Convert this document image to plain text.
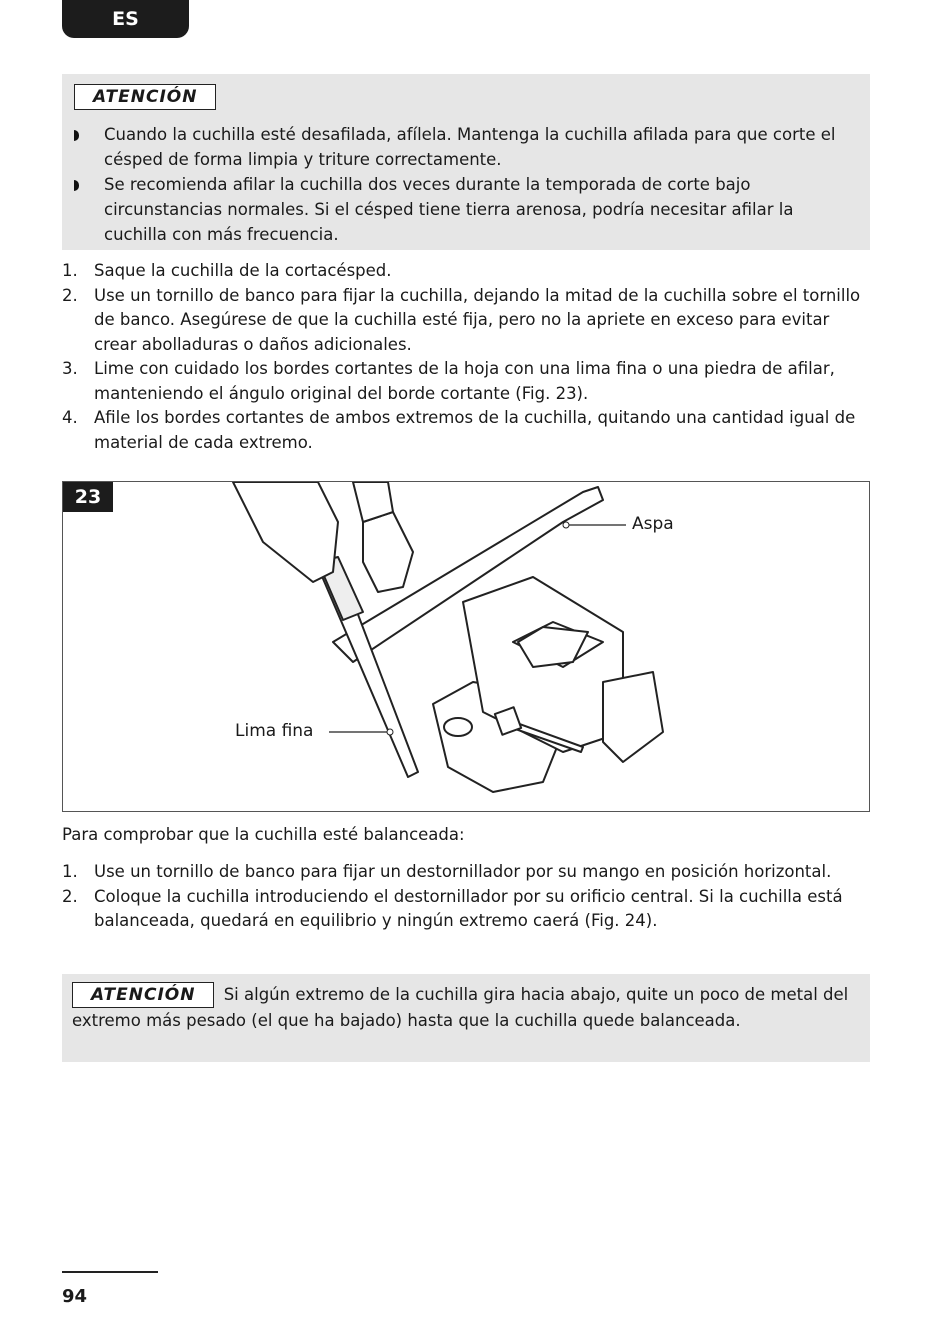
ES
ATENCIÓN
Cuando la cuchilla esté desafilada, afílela. Mantenga la cuchilla afilada para que corte el césped de forma limpia y triture correctamente.
Se recomienda afilar la cuchilla dos veces durante la temporada de corte bajo circunstancias normales. Si el césped tiene tierra arenosa, podría necesitar afilar la cuchilla con más frecuencia.
1. Saque la cuchilla de la cortacésped.
2. Use un tornillo de banco para fijar la cuchilla, dejando la mitad de la cuchilla sobre el tornillo de banco. Asegúrese de que la cuchilla esté fija, pero no la apriete en exceso para evitar crear abolladuras o daños adicionales.
3. Lime con cuidado los bordes cortantes de la hoja con una lima fina o una piedra de afilar, manteniendo el ángulo original del borde cortante (Fig. 23).
4. Afile los bordes cortantes de ambos extremos de la cuchilla, quitando una cantidad igual de material de cada extremo.
23
Aspa
Lima fina
Para comprobar que la cuchilla esté balanceada:
1. Use un tornillo de banco para fijar un destornillador por su mango en posición horizontal.
2. Coloque la cuchilla introduciendo el destornillador por su orificio central. Si la cuchilla está balanceada, quedará en equilibrio y ningún extremo caerá (Fig. 24).
ATENCIÓN Si algún extremo de la cuchilla gira hacia abajo, quite un poco de metal del extremo más pesado (el que ha bajado) hasta que la cuchilla quede balanceada.
94
